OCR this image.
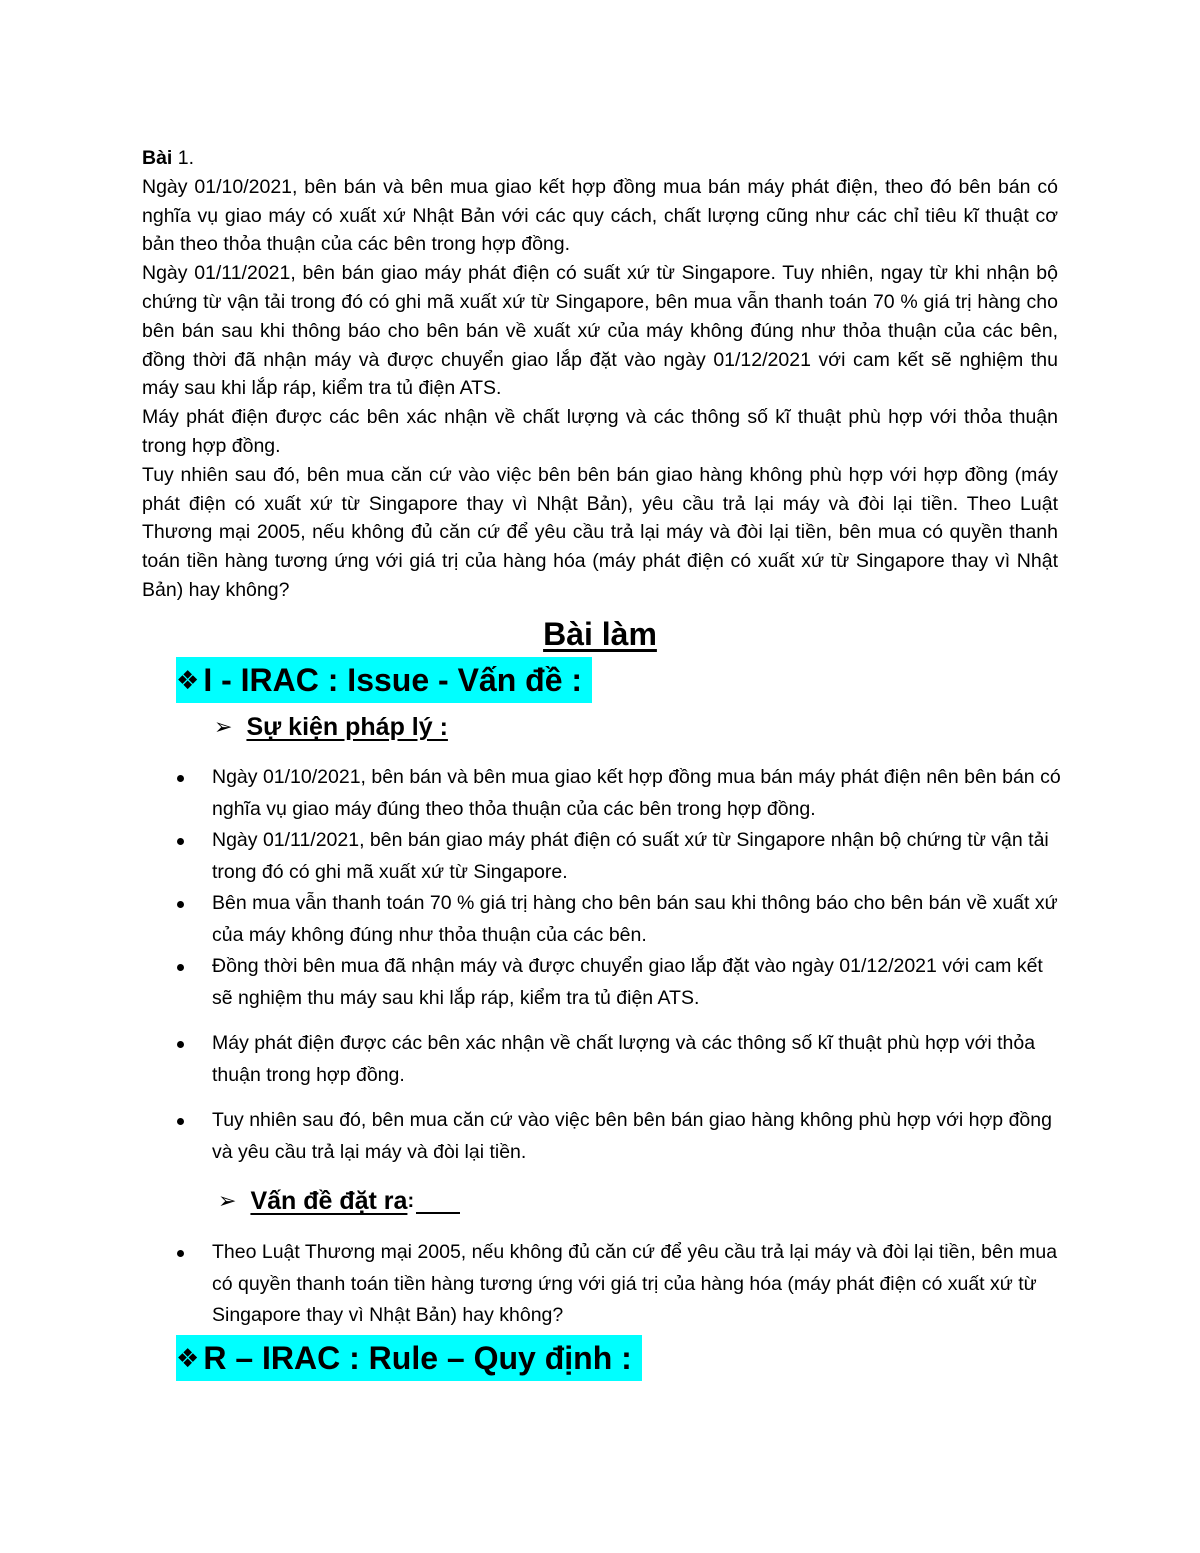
Bài 1.

Ngày 01/10/2021, bên bán và bên mua giao kết hợp đồng mua bán máy phát điện, theo đó bên bán có nghĩa vụ giao máy có xuất xứ Nhật Bản với các quy cách, chất lượng cũng như các chỉ tiêu kĩ thuật cơ bản theo thỏa thuận của các bên trong hợp đồng.

Ngày 01/11/2021, bên bán giao máy phát điện có suất xứ từ Singapore. Tuy nhiên, ngay từ khi nhận bộ chứng từ vận tải trong đó có ghi mã xuất xứ từ Singapore, bên mua vẫn thanh toán 70 % giá trị hàng cho bên bán sau khi thông báo cho bên bán về xuất xứ của máy không đúng như thỏa thuận của các bên, đồng thời đã nhận máy và được chuyển giao lắp đặt vào ngày 01/12/2021 với cam kết sẽ nghiệm thu máy sau khi lắp ráp, kiểm tra tủ điện ATS.

Máy phát điện được các bên xác nhận về chất lượng và các thông số kĩ thuật phù hợp với thỏa thuận trong hợp đồng.

Tuy nhiên sau đó, bên mua căn cứ vào việc bên bên bán giao hàng không phù hợp với hợp đồng (máy phát điện có xuất xứ từ Singapore thay vì Nhật Bản), yêu cầu trả lại máy và đòi lại tiền. Theo Luật Thương mại 2005, nếu không đủ căn cứ để yêu cầu trả lại máy và đòi lại tiền, bên mua có quyền thanh toán tiền hàng tương ứng với giá trị của hàng hóa (máy phát điện có xuất xứ từ Singapore thay vì Nhật Bản) hay không?

Bài làm
❖ I - IRAC : Issue - Vấn đề :
➢ Sự kiện pháp lý :
Ngày 01/10/2021, bên bán và bên mua giao kết hợp đồng mua bán máy phát điện nên bên bán có nghĩa vụ giao máy đúng theo thỏa thuận của các bên trong hợp đồng.
Ngày 01/11/2021, bên bán giao máy phát điện có suất xứ từ Singapore nhận bộ chứng từ vận tải trong đó có ghi mã xuất xứ từ Singapore.
Bên mua vẫn thanh toán 70 % giá trị hàng cho bên bán sau khi thông báo cho bên bán về xuất xứ của máy không đúng như thỏa thuận của các bên.
Đồng thời bên mua đã nhận máy và được chuyển giao lắp đặt vào ngày 01/12/2021 với cam kết sẽ nghiệm thu máy sau khi lắp ráp, kiểm tra tủ điện ATS.
Máy phát điện được các bên xác nhận về chất lượng và các thông số kĩ thuật phù hợp với thỏa thuận trong hợp đồng.
Tuy nhiên sau đó, bên mua căn cứ vào việc bên bên bán giao hàng không phù hợp với hợp đồng và yêu cầu trả lại máy và đòi lại tiền.
➢ Vấn đề đặt ra :
Theo Luật Thương mại 2005, nếu không đủ căn cứ để yêu cầu trả lại máy và đòi lại tiền, bên mua có quyền thanh toán tiền hàng tương ứng với giá trị của hàng hóa (máy phát điện có xuất xứ từ Singapore thay vì Nhật Bản) hay không?
❖ R – IRAC : Rule – Quy định :
